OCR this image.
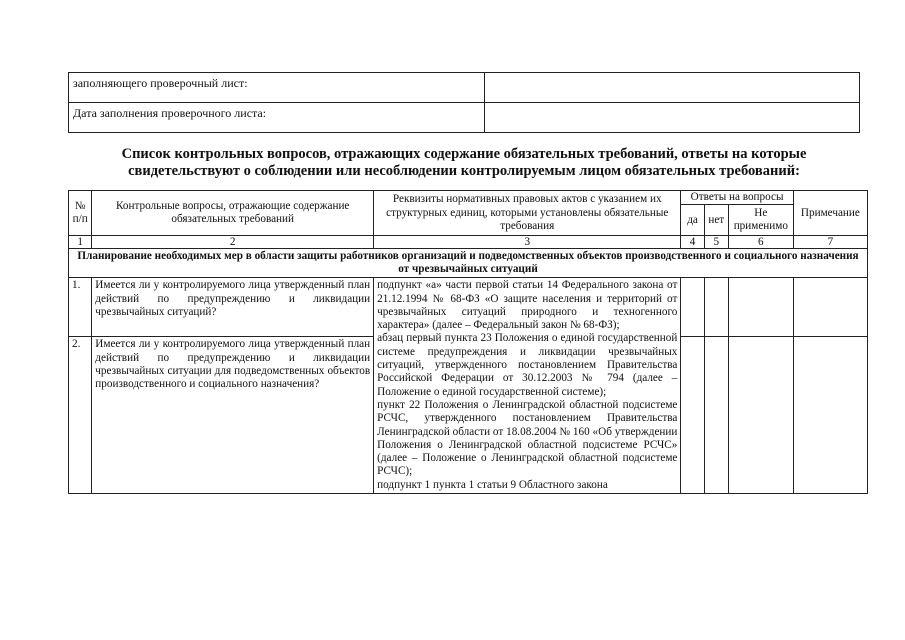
заполняющего проверочный лист:	
Дата заполнения проверочного листа:	
Список контрольных вопросов, отражающих содержание обязательных требований, ответы на которые
свидетельствуют о соблюдении или несоблюдении контролируемым лицом обязательных требований:
№ п/п	Контрольные вопросы, отражающие содержание обязательных требований	Реквизиты нормативных правовых актов с указанием их структурных единиц, которыми установлены обязательные требования	Ответы на вопросы			Примечание
			да	нет	Не применимо	
1	2	3	4	5	6	7
Планирование необходимых мер в области защиты работников организаций и подведомственных объектов производственного и социального назначения от чрезвычайных ситуаций						
1.	Имеется ли у контролируемого лица утвержденный план действий по предупреждению и ликвидации чрезвычайных ситуаций?	подпункт «а» части первой статьи 14 Федерального закона от 21.12.1994 № 68-ФЗ «О защите населения и территорий от чрезвычайных ситуаций природного и техногенного характера» (далее – Федеральный закон № 68-ФЗ);

абзац первый пункта 23 Положения о единой государственной системе предупреждения и ликвидации чрезвычайных ситуаций, утвержденного постановлением Правительства Российской Федерации от 30.12.2003 № 794 (далее – Положение о единой государственной системе);

пункт 22 Положения о Ленинградской областной подсистеме РСЧС, утвержденного постановлением Правительства Ленинградской области от 18.08.2004 № 160 «Об утверждении Положения о Ленинградской областной подсистеме РСЧС» (далее – Положение о Ленинградской областной подсистеме РСЧС);

подпункт 1 пункта 1 статьи 9 Областного закона				

2.	Имеется ли у контролируемого лица утвержденный план действий по предупреждению и ликвидации чрезвычайных ситуации для подведомственных объектов производственного и социального назначения?					
